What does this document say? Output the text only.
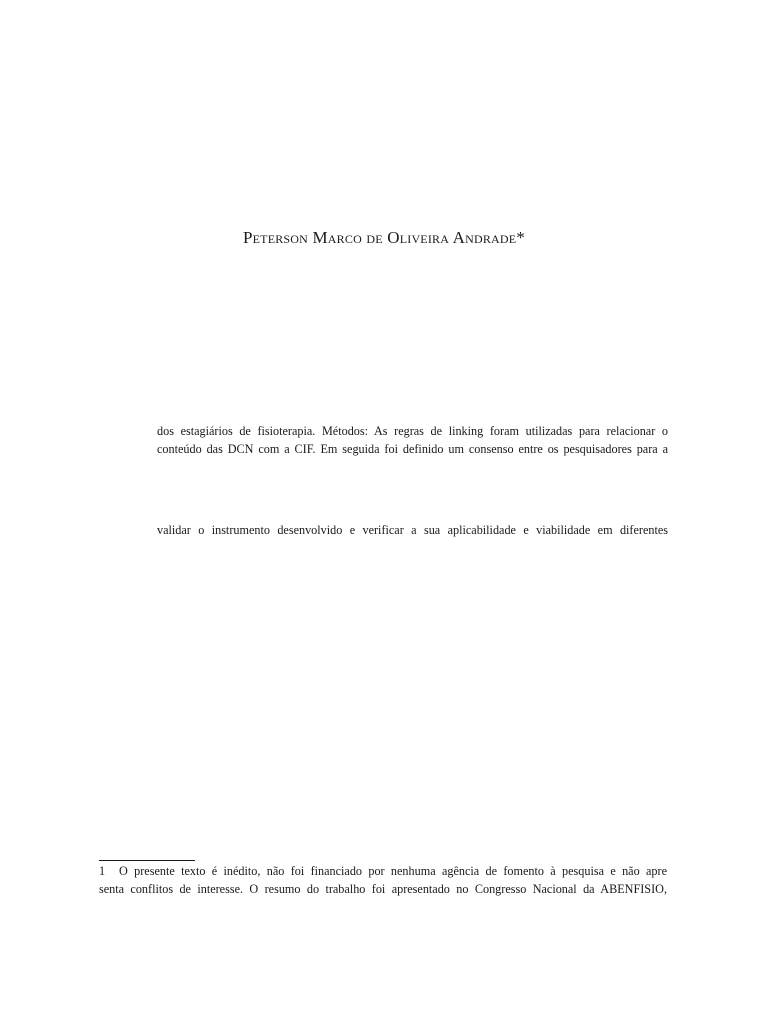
Peterson Marco de Oliveira Andrade*
dos estagiários de fisioterapia. Métodos: As regras de linking foram utilizadas para relacionar o
conteúdo das DCN com a CIF. Em seguida foi definido um consenso entre os pesquisadores para a
validar o instrumento desenvolvido e verificar a sua aplicabilidade e viabilidade em diferentes
1 O presente texto é inédito, não foi financiado por nenhuma agência de fomento à pesquisa e não apre
senta conflitos de interesse. O resumo do trabalho foi apresentado no Congresso Nacional da ABENFISIO,
